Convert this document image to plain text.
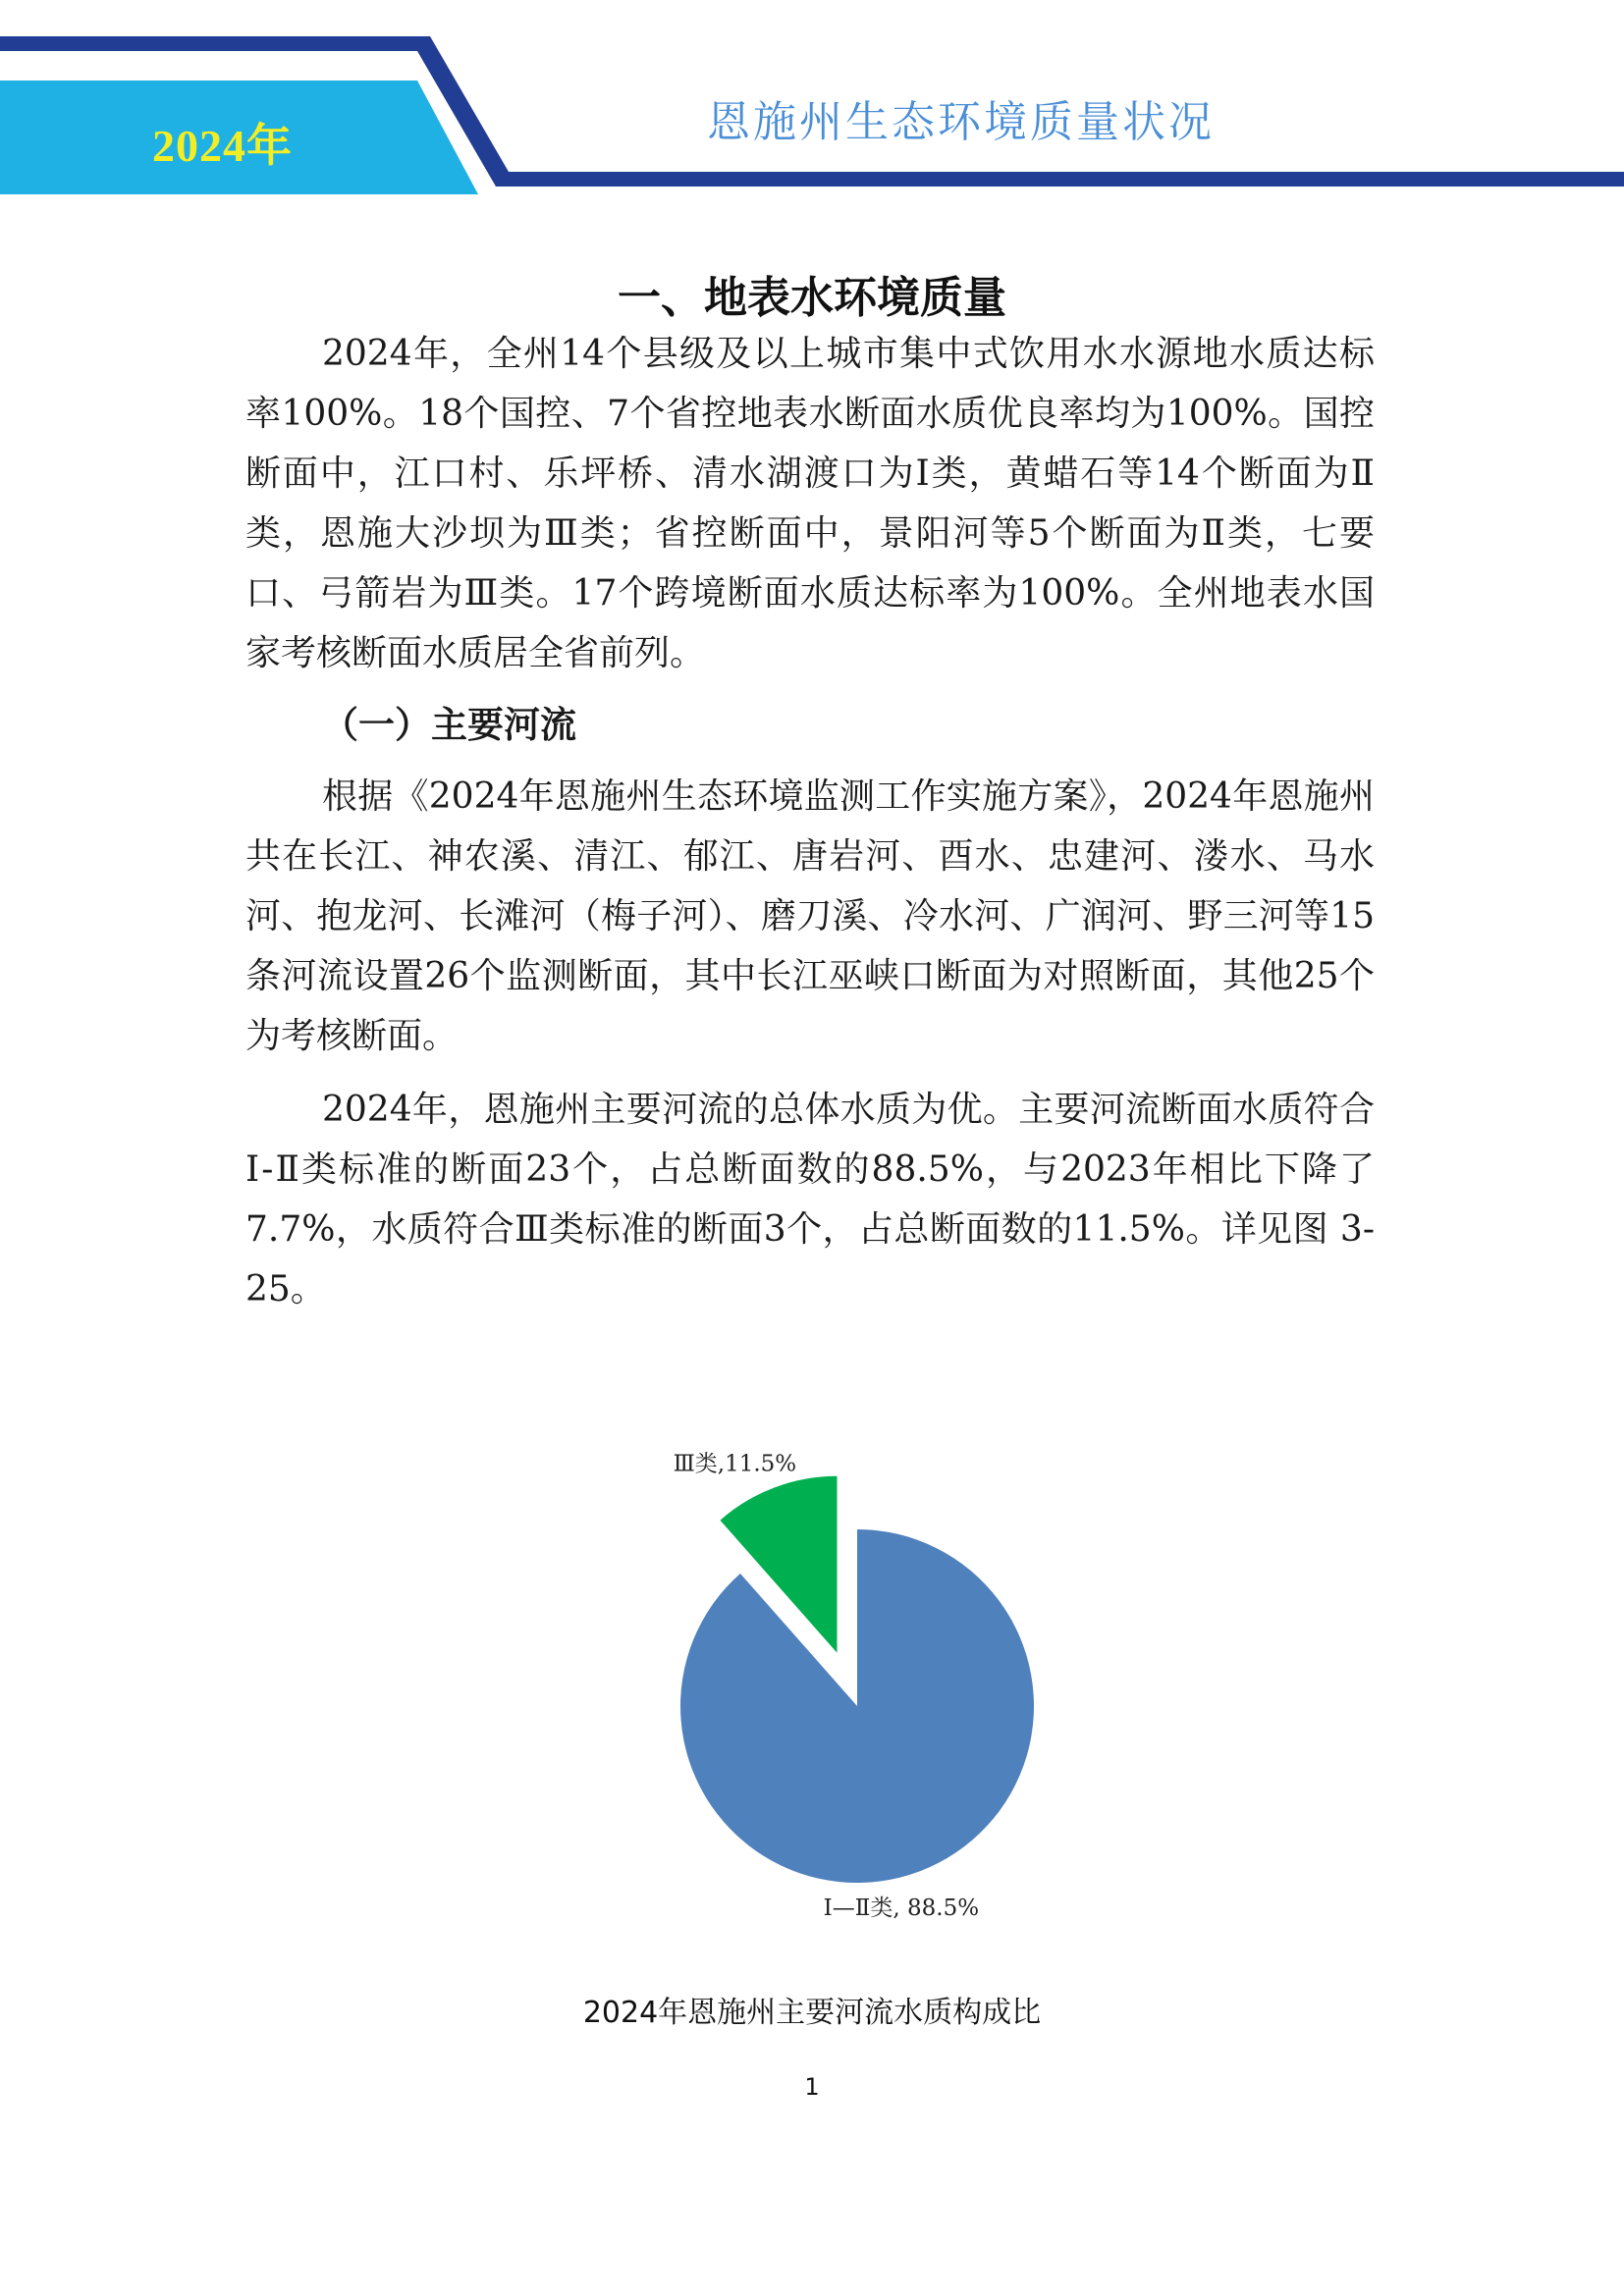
2024年	恩施州生态环境质量状况
一、地表水环境质量

2024年，全州14个县级及以上城市集中式饮用水水源地水质达标率100%。18个国控、7个省控地表水断面水质优良率均为100%。国控断面中，江口村、乐坪桥、清水湖渡口为Ⅰ类，黄蜡石等14个断面为Ⅱ类，恩施大沙坝为Ⅲ类；省控断面中，景阳河等5个断面为Ⅱ类，七要口、弓箭岩为Ⅲ类。17个跨境断面水质达标率为100%。全州地表水国家考核断面水质居全省前列。

（一）主要河流

根据《2024年恩施州生态环境监测工作实施方案》，2024年恩施州共在长江、神农溪、清江、郁江、唐岩河、酉水、忠建河、溇水、马水河、抱龙河、长滩河（梅子河）、磨刀溪、冷水河、广润河、野三河等15条河流设置26个监测断面，其中长江巫峡口断面为对照断面，其他25个为考核断面。

2024年，恩施州主要河流的总体水质为优。主要河流断面水质符合Ⅰ-Ⅱ类标准的断面23个，占总断面数的88.5%，与2023年相比下降了7.7%，水质符合Ⅲ类标准的断面3个，占总断面数的11.5%。详见图 3-25。

Ⅰ—Ⅱ类, 88.5%
Ⅲ类,11.5%
2024年恩施州主要河流水质构成比
1
